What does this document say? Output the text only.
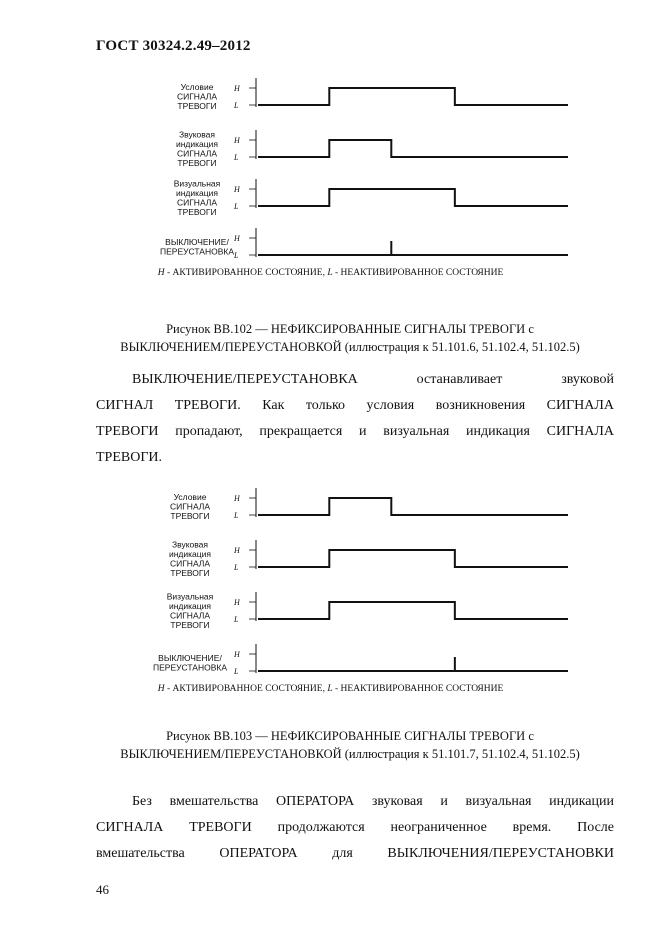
ГОСТ 30324.2.49–2012
Условие
СИГНАЛА
ТРЕВОГИ
H
L
Звуковая
индикация
СИГНАЛА
ТРЕВОГИ
H
L
Визуальная
индикация
СИГНАЛА
ТРЕВОГИ
H
L
ВЫКЛЮЧЕНИЕ/
ПЕРЕУСТАНОВКА
H
L
H - АКТИВИРОВАННОЕ СОСТОЯНИЕ, L - НЕАКТИВИРОВАННОЕ СОСТОЯНИЕ
Рисунок ВВ.102 — НЕФИКСИРОВАННЫЕ СИГНАЛЫ ТРЕВОГИ с
ВЫКЛЮЧЕНИЕМ/ПЕРЕУСТАНОВКОЙ (иллюстрация к 51.101.6, 51.102.4, 51.102.5)
ВЫКЛЮЧЕНИЕ/ПЕРЕУСТАНОВКА	останавливает	звуковой
СИГНАЛ ТРЕВОГИ. Как только условия возникновения СИГНАЛА
ТРЕВОГИ пропадают, прекращается и визуальная индикация СИГНАЛА
ТРЕВОГИ.
Условие
СИГНАЛА
ТРЕВОГИ
H
L
Звуковая
индикация
СИГНАЛА
ТРЕВОГИ
H
L
Визуальная
индикация
СИГНАЛА
ТРЕВОГИ
H
L
ВЫКЛЮЧЕНИЕ/
ПЕРЕУСТАНОВКА
H
L
H - АКТИВИРОВАННОЕ СОСТОЯНИЕ, L - НЕАКТИВИРОВАННОЕ СОСТОЯНИЕ
Рисунок ВВ.103 — НЕФИКСИРОВАННЫЕ СИГНАЛЫ ТРЕВОГИ с
ВЫКЛЮЧЕНИЕМ/ПЕРЕУСТАНОВКОЙ (иллюстрация к 51.101.7, 51.102.4, 51.102.5)
Без вмешательства ОПЕРАТОРА звуковая и визуальная индикации
СИГНАЛА ТРЕВОГИ продолжаются неограниченное время. После
вмешательства ОПЕРАТОРА для ВЫКЛЮЧЕНИЯ/ПЕРЕУСТАНОВКИ
46
